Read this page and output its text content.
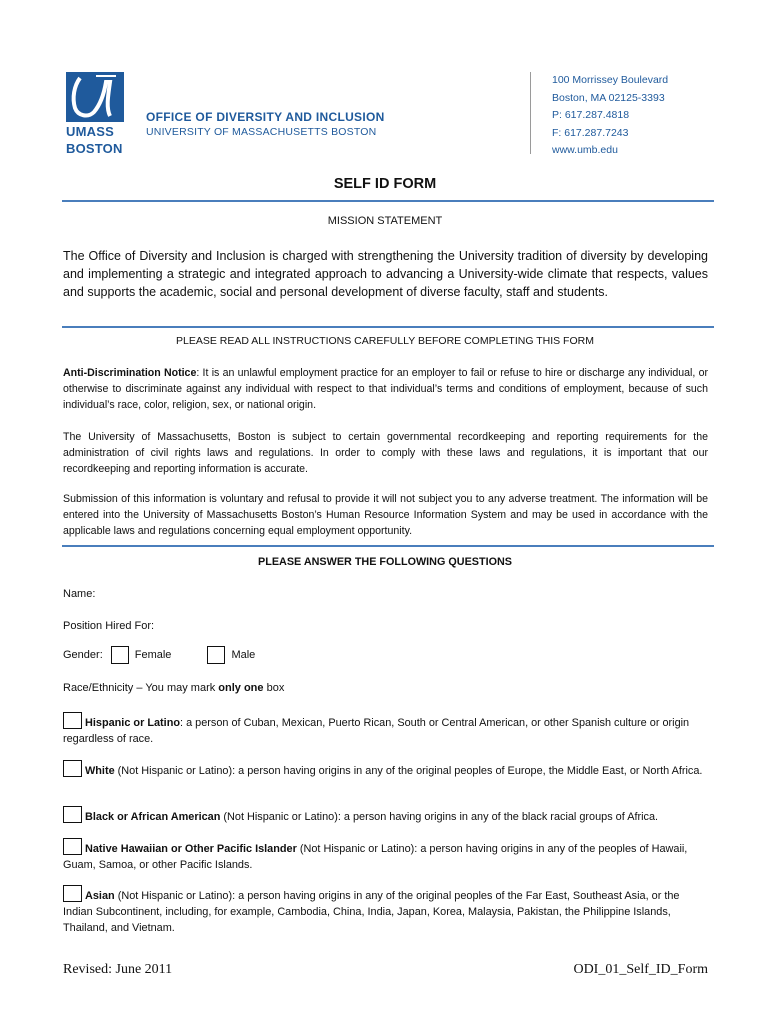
UMASS
BOSTON
OFFICE OF DIVERSITY AND INCLUSION
UNIVERSITY OF MASSACHUSETTS BOSTON
100 Morrissey Boulevard
Boston, MA 02125-3393
P: 617.287.4818
F: 617.287.7243
www.umb.edu
SELF ID FORM
MISSION STATEMENT
The Office of Diversity and Inclusion is charged with strengthening the University tradition of diversity by developing and implementing a strategic and integrated approach to advancing a University-wide climate that respects, values and supports the academic, social and personal development of diverse faculty, staff and students.
PLEASE READ ALL INSTRUCTIONS CAREFULLY BEFORE COMPLETING THIS FORM
Anti-Discrimination Notice: It is an unlawful employment practice for an employer to fail or refuse to hire or discharge any individual, or otherwise to discriminate against any individual with respect to that individual’s terms and conditions of employment, because of such individual’s race, color, religion, sex, or national origin.
The University of Massachusetts, Boston is subject to certain governmental recordkeeping and reporting requirements for the administration of civil rights laws and regulations. In order to comply with these laws and regulations, it is important that our recordkeeping and reporting information is accurate.
Submission of this information is voluntary and refusal to provide it will not subject you to any adverse treatment. The information will be entered into the University of Massachusetts Boston’s Human Resource Information System and may be used in accordance with the applicable laws and regulations concerning equal employment opportunity.
PLEASE ANSWER THE FOLLOWING QUESTIONS
Name:
Position Hired For:
Gender:	Female	Male
Race/Ethnicity – You may mark only one box
Hispanic or Latino: a person of Cuban, Mexican, Puerto Rican, South or Central American, or other Spanish culture or origin regardless of race.
White (Not Hispanic or Latino): a person having origins in any of the original peoples of Europe, the Middle East, or North Africa.
Black or African American (Not Hispanic or Latino): a person having origins in any of the black racial groups of Africa.
Native Hawaiian or Other Pacific Islander (Not Hispanic or Latino): a person having origins in any of the peoples of Hawaii, Guam, Samoa, or other Pacific Islands.
Asian (Not Hispanic or Latino): a person having origins in any of the original peoples of the Far East, Southeast Asia, or the Indian Subcontinent, including, for example, Cambodia, China, India, Japan, Korea, Malaysia, Pakistan, the Philippine Islands, Thailand, and Vietnam.
Revised: June 2011	ODI_01_Self_ID_Form
